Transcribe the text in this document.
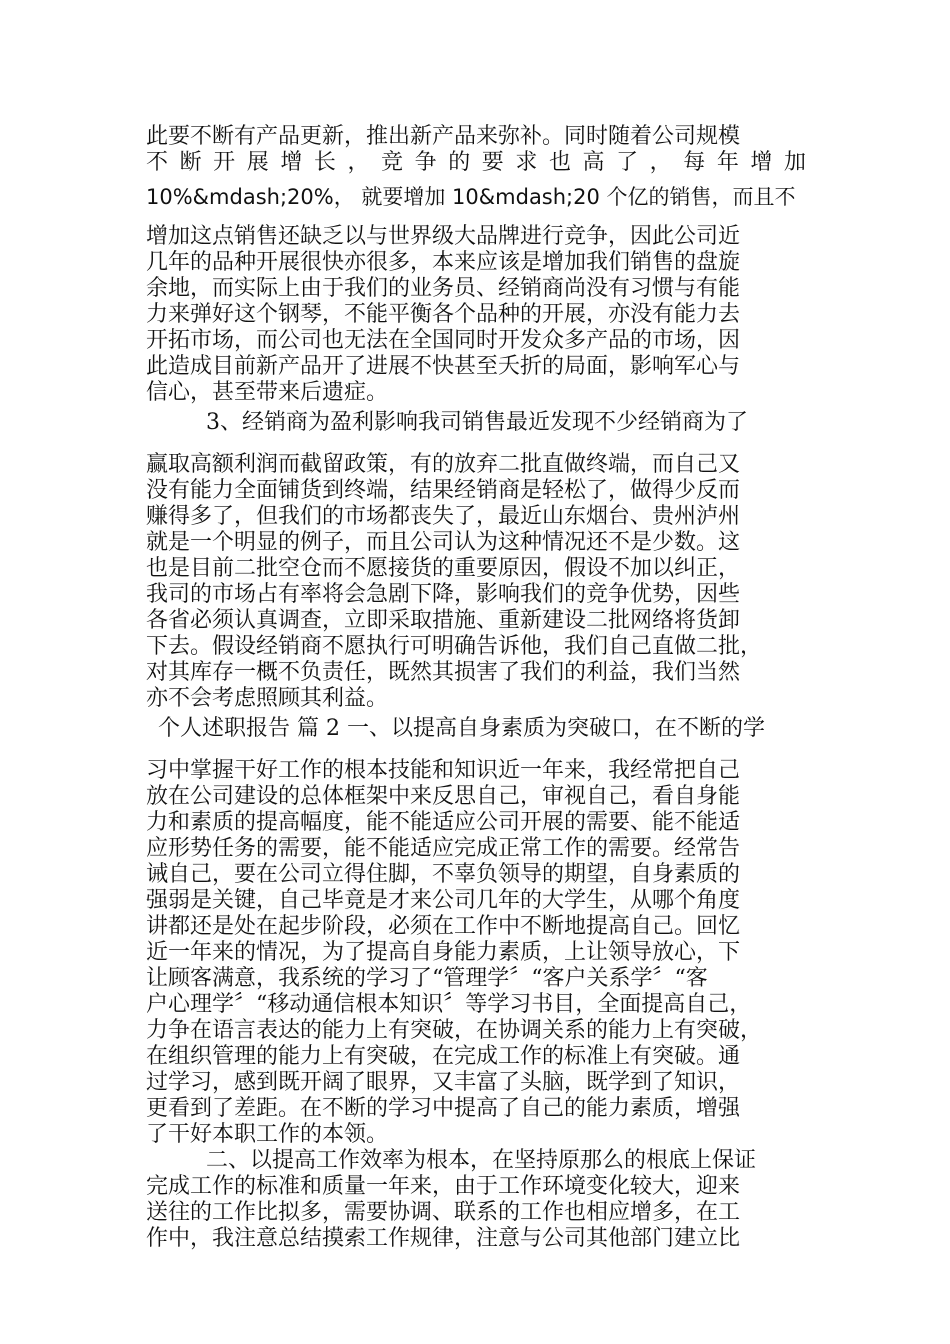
此要不断有产品更新，推出新产品来弥补。同时随着公司规模
不 断 开 展 增 长 ， 竞 争 的 要 求 也 高 了 ， 每 年 增 加
10%&mdash;20%， 就要增加 10&mdash;20 个亿的销售，而且不
增加这点销售还缺乏以与世界级大品牌进行竞争，因此公司近
几年的品种开展很快亦很多，本来应该是增加我们销售的盘旋
余地，而实际上由于我们的业务员、经销商尚没有习惯与有能
力来弹好这个钢琴，不能平衡各个品种的开展，亦没有能力去
开拓市场，而公司也无法在全国同时开发众多产品的市场，因
此造成目前新产品开了进展不快甚至夭折的局面，影响军心与
信心，甚至带来后遗症。
3、经销商为盈利影响我司销售最近发现不少经销商为了
赢取高额利润而截留政策，有的放弃二批直做终端，而自己又
没有能力全面铺货到终端，结果经销商是轻松了，做得少反而
赚得多了，但我们的市场都丧失了，最近山东烟台、贵州泸州
就是一个明显的例子，而且公司认为这种情况还不是少数。这
也是目前二批空仓而不愿接货的重要原因，假设不加以纠正，
我司的市场占有率将会急剧下降，影响我们的竞争优势，因些
各省必须认真调查，立即采取措施、重新建设二批网络将货卸
下去。假设经销商不愿执行可明确告诉他，我们自己直做二批，
对其库存一概不负责任，既然其损害了我们的利益，我们当然
亦不会考虑照顾其利益。
个人述职报告 篇 2 一、以提高自身素质为突破口，在不断的学
习中掌握干好工作的根本技能和知识近一年来，我经常把自己
放在公司建设的总体框架中来反思自己，审视自己，看自身能
力和素质的提高幅度，能不能适应公司开展的需要、能不能适
应形势任务的需要，能不能适应完成正常工作的需要。经常告
诫自己，要在公司立得住脚，不辜负领导的期望，自身素质的
强弱是关键，自己毕竟是才来公司几年的大学生，从哪个角度
讲都还是处在起步阶段，必须在工作中不断地提高自己。回忆
近一年来的情况，为了提高自身能力素质，上让领导放心，下
让顾客满意，我系统的学习了“管理学〞“客户关系学〞“客
户心理学〞“移动通信根本知识〞等学习书目，全面提高自己，
力争在语言表达的能力上有突破，在协调关系的能力上有突破，
在组织管理的能力上有突破，在完成工作的标准上有突破。通
过学习，感到既开阔了眼界，又丰富了头脑，既学到了知识，
更看到了差距。在不断的学习中提高了自己的能力素质，增强
了干好本职工作的本领。
二、以提高工作效率为根本，在坚持原那么的根底上保证
完成工作的标准和质量一年来，由于工作环境变化较大，迎来
送往的工作比拟多，需要协调、联系的工作也相应增多，在工
作中，我注意总结摸索工作规律，注意与公司其他部门建立比
